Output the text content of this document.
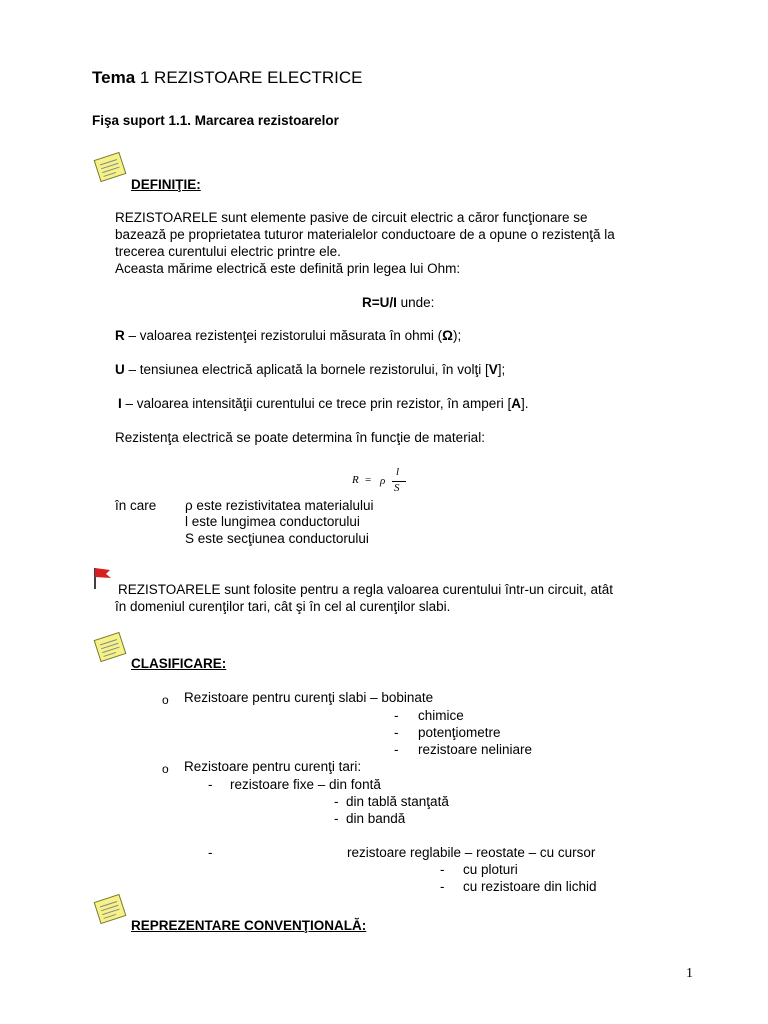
Tema 1 REZISTOARE ELECTRICE
Fişa suport 1.1. Marcarea rezistoarelor
DEFINIŢIE:
REZISTOARELE sunt elemente pasive de circuit electric a căror funcţionare se
bazează pe proprietatea tuturor materialelor conductoare de a opune o rezistenţă la
trecerea curentului electric printre ele.
Aceasta mărime electrică este definită prin legea lui Ohm:
R=U/I unde:
R – valoarea rezistenţei rezistorului măsurata în ohmi (Ω);
U – tensiunea electrică aplicată la bornele rezistorului, în volţi [V];
I – valoarea intensităţii curentului ce trece prin rezistor, în amperi [A].
Rezistenţa electrică se poate determina în funcţie de material:
R = ρ
l
S
în care ρ este rezistivitatea materialului
l este lungimea conductorului
S este secţiunea conductorului
REZISTOARELE sunt folosite pentru a regla valoarea curentului într-un circuit, atât
în domeniul curenţilor tari, cât şi în cel al curenţilor slabi.
CLASIFICARE:
o Rezistoare pentru curenţi slabi – bobinate
- chimice
- potenţiometre
- rezistoare neliniare
o Rezistoare pentru curenţi tari:
- rezistoare fixe – din fontă
- din tablă stanţată
- din bandă
-	rezistoare reglabile – reostate – cu cursor
- cu ploturi
- cu rezistoare din lichid
REPREZENTARE CONVENŢIONALĂ:
1
